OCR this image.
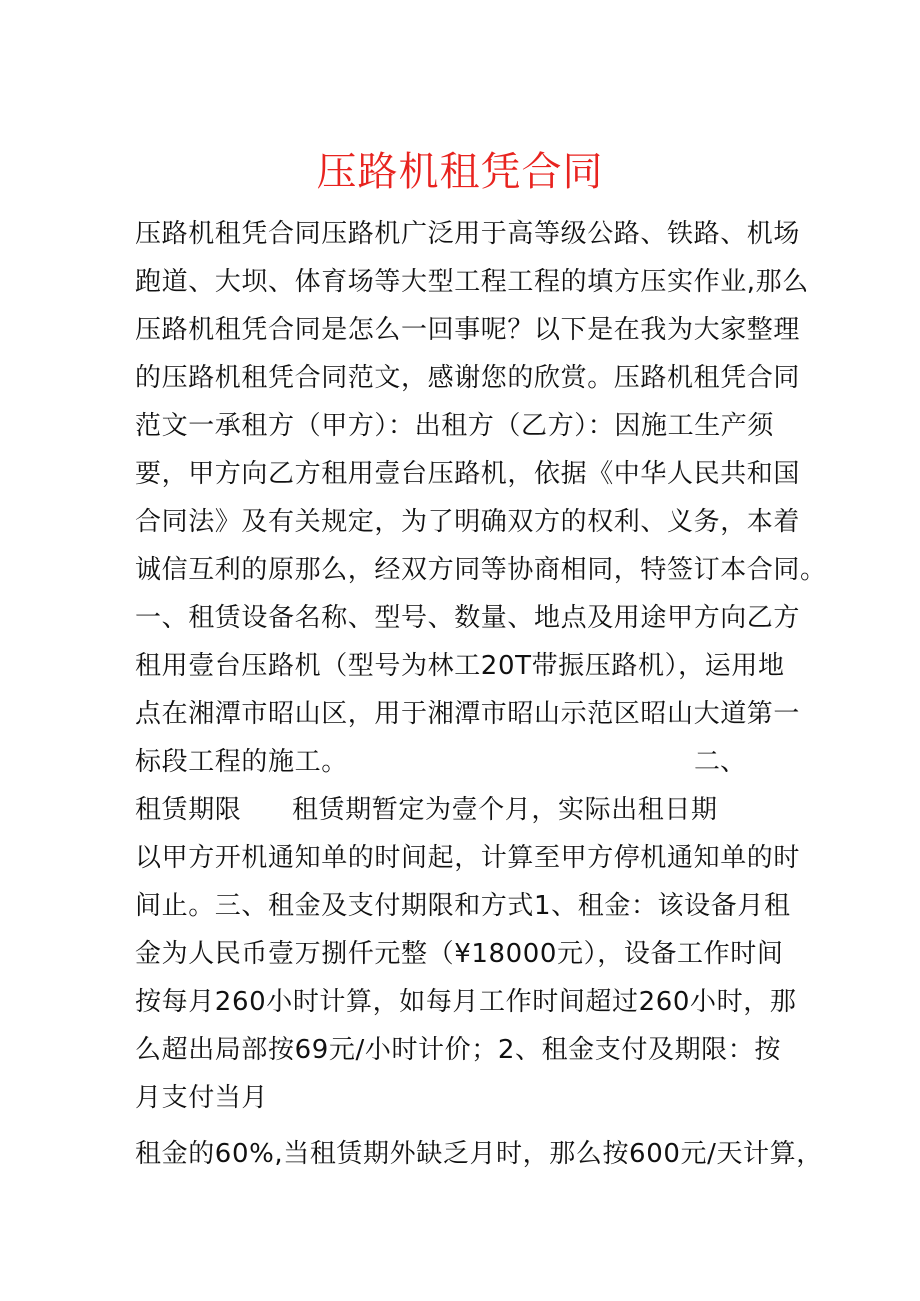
压路机租凭合同
压路机租凭合同压路机广泛用于高等级公路、铁路、机场
跑道、大坝、体育场等大型工程工程的填方压实作业,那么
压路机租凭合同是怎么一回事呢？以下是在我为大家整理
的压路机租凭合同范文，感谢您的欣赏。压路机租凭合同
范文一承租方（甲方）：出租方（乙方）：因施工生产须
要，甲方向乙方租用壹台压路机，依据《中华人民共和国
合同法》及有关规定，为了明确双方的权利、义务，本着
诚信互利的原那么，经双方同等协商相同，特签订本合同。
一、租赁设备名称、型号、数量、地点及用途甲方向乙方
租用壹台压路机（型号为林工20T带振压路机），运用地
点在湘潭市昭山区，用于湘潭市昭山示范区昭山大道第一
标段工程的施工。	二、
租赁期限 租赁期暂定为壹个月，实际出租日期
以甲方开机通知单的时间起，计算至甲方停机通知单的时
间止。三、租金及支付期限和方式1、租金：该设备月租
金为人民币壹万捌仟元整（¥18000元），设备工作时间
按每月260小时计算，如每月工作时间超过260小时，那
么超出局部按69元/小时计价；2、租金支付及期限：按
月支付当月
租金的60%,当租赁期外缺乏月时，那么按600元/天计算，
